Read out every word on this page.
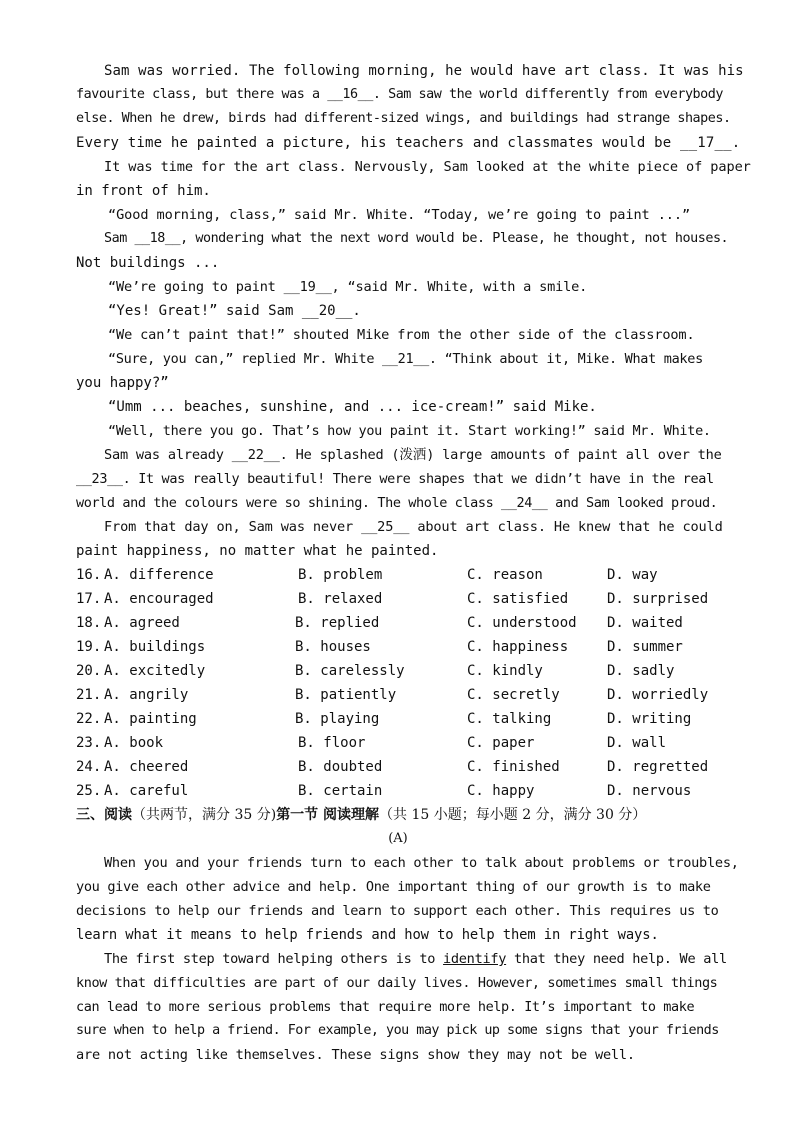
Sam was worried. The following morning, he would have art class. It was his
favourite class, but there was a __16__. Sam saw the world differently from everybody
else. When he drew, birds had different-sized wings, and buildings had strange shapes.
Every time he painted a picture, his teachers and classmates would be __17__.
It was time for the art class. Nervously, Sam looked at the white piece of paper
in front of him.
“Good morning, class,” said Mr. White. “Today, we’re going to paint ...”
Sam __18__, wondering what the next word would be. Please, he thought, not houses.
Not buildings ...
“We’re going to paint __19__, “said Mr. White, with a smile.
“Yes! Great!” said Sam __20__.
“We can’t paint that!” shouted Mike from the other side of the classroom.
“Sure, you can,” replied Mr. White __21__. “Think about it, Mike. What makes
you happy?”
“Umm ... beaches, sunshine, and ... ice-cream!” said Mike.
“Well, there you go. That’s how you paint it. Start working!” said Mr. White.
Sam was already __22__. He splashed (泼洒) large amounts of paint all over the
__23__. It was really beautiful! There were shapes that we didn’t have in the real
world and the colours were so shining. The whole class __24__ and Sam looked proud.
From that day on, Sam was never __25__ about art class. He knew that he could
paint happiness, no matter what he painted.

16.

A. difference

	B. problem

	C. reason

	D. way

17.

A. encouraged

	B. relaxed

	C. satisfied

	D. surprised

18.

A. agreed

	B. replied

	C. understood

D. waited

19.

A. buildings

	B. houses

	C. happiness

	D. summer

20.

A. excitedly

	B. carelessly

	C. kindly

	D. sadly

21.

A. angrily

	B. patiently

	C. secretly

	D. worriedly

22.

A. painting

	B. playing

	C. talking

	D. writing

23.

A. book

	B. floor

	C. paper

	D. wall

24.

A. cheered

	B. doubted

	C. finished

	D. regretted

25.

A. careful

	B. certain

	C. happy

	D. nervous

三、阅读（共两节，满分 35 分)第一节 阅读理解（共 15 小题；每小题 2 分，满分 30 分）
(A)
When you and your friends turn to each other to talk about problems or troubles,
you give each other advice and help. One important thing of our growth is to make
decisions to help our friends and learn to support each other. This requires us to
learn what it means to help friends and how to help them in right ways.
The first step toward helping others is to identify that they need help. We all
know that difficulties are part of our daily lives. However, sometimes small things
can lead to more serious problems that require more help. It’s important to make
sure when to help a friend. For example, you may pick up some signs that your friends
are not acting like themselves. These signs show they may not be well.
